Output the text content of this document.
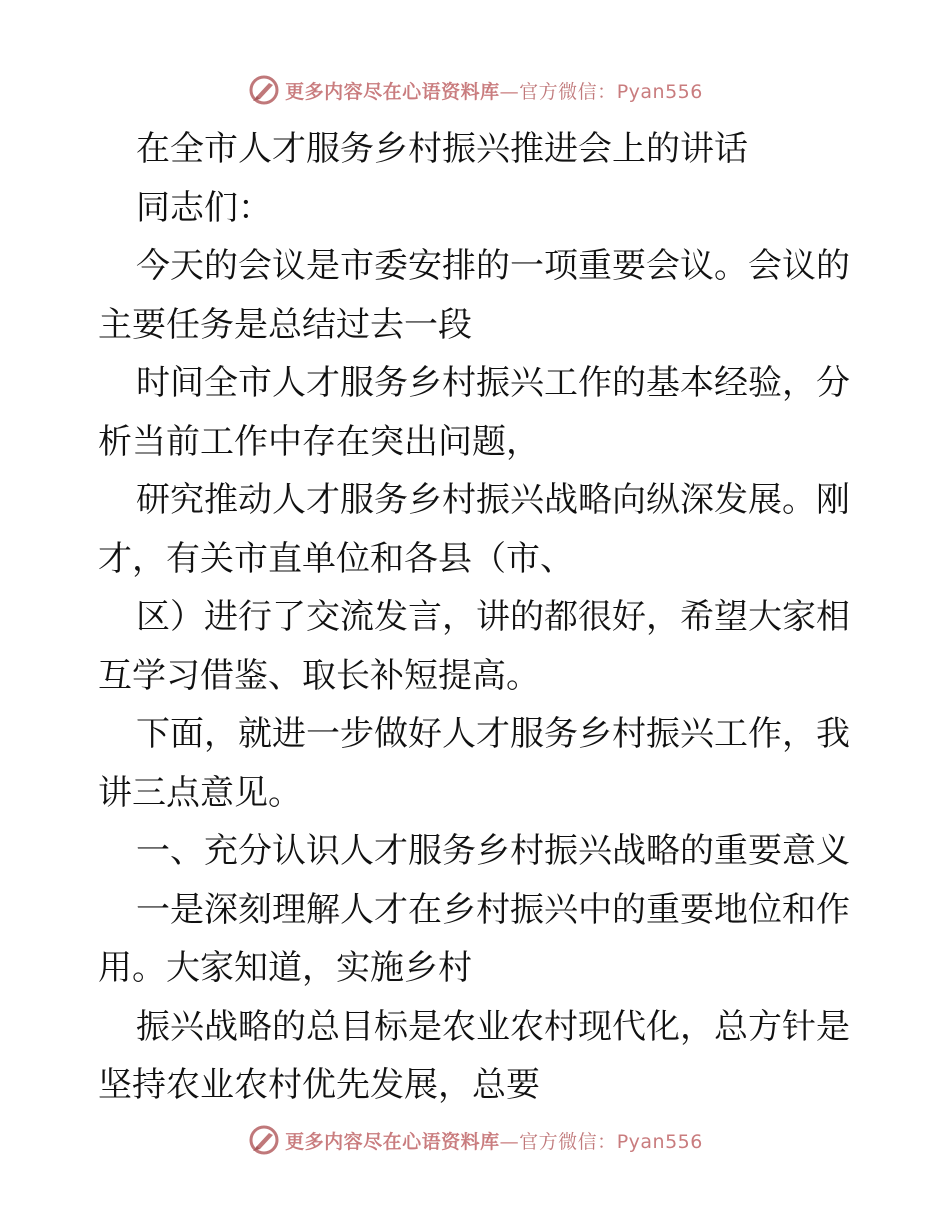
更多内容尽在心语资料库—官方微信：Pyan556
在全市人才服务乡村振兴推进会上的讲话
同志们：
今天的会议是市委安排的一项重要会议。会议的
主要任务是总结过去一段
时间全市人才服务乡村振兴工作的基本经验，分
析当前工作中存在突出问题，
研究推动人才服务乡村振兴战略向纵深发展。刚
才，有关市直单位和各县（市、
区）进行了交流发言，讲的都很好，希望大家相
互学习借鉴、取长补短提高。
下面，就进一步做好人才服务乡村振兴工作，我
讲三点意见。
一、充分认识人才服务乡村振兴战略的重要意义
一是深刻理解人才在乡村振兴中的重要地位和作
用。大家知道，实施乡村
振兴战略的总目标是农业农村现代化，总方针是
坚持农业农村优先发展，总要
更多内容尽在心语资料库—官方微信：Pyan556
